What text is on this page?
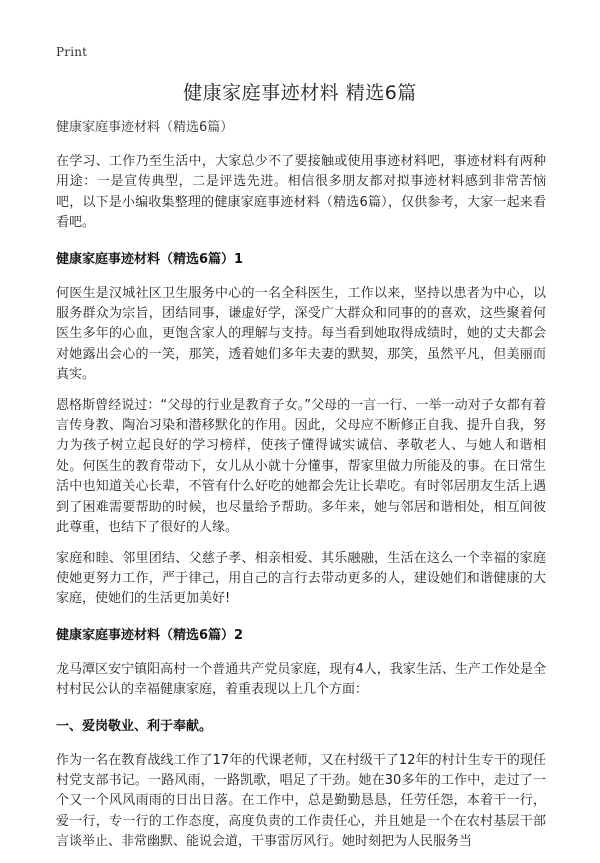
Print
健康家庭事迹材料 精选6篇

健康家庭事迹材料（精选6篇）

在学习、工作乃至生活中，大家总少不了要接触或使用事迹材料吧，事迹材料有两种用途：一是宣传典型，二是评选先进。相信很多朋友都对拟事迹材料感到非常苦恼吧，以下是小编收集整理的健康家庭事迹材料（精选6篇），仅供参考，大家一起来看看吧。

健康家庭事迹材料（精选6篇）1

何医生是汉城社区卫生服务中心的一名全科医生，工作以来，坚持以患者为中心，以服务群众为宗旨，团结同事，谦虚好学，深受广大群众和同事的的喜欢，这些聚着何医生多年的心血，更饱含家人的理解与支持。每当看到她取得成绩时，她的丈夫都会对她露出会心的一笑，那笑，透着她们多年夫妻的默契，那笑，虽然平凡，但美丽而真实。

恩格斯曾经说过：“父母的行业是教育子女。”父母的一言一行、一举一动对子女都有着言传身教、陶冶习染和潜移默化的作用。因此，父母应不断修正自我、提升自我，努力为孩子树立起良好的学习榜样，使孩子懂得诚实诚信、孝敬老人、与她人和谐相处。何医生的教育带动下，女儿从小就十分懂事，帮家里做力所能及的事。在日常生活中也知道关心长辈，不管有什么好吃的她都会先让长辈吃。有时邻居朋友生活上遇到了困难需要帮助的时候，也尽量给予帮助。多年来，她与邻居和谐相处，相互间彼此尊重，也结下了很好的人缘。

家庭和睦、邻里团结、父慈子孝、相亲相爱、其乐融融，生活在这么一个幸福的家庭使她更努力工作，严于律己，用自己的言行去带动更多的人，建设她们和谐健康的大家庭，使她们的生活更加美好!

健康家庭事迹材料（精选6篇）2

龙马潭区安宁镇阳高村一个普通共产党员家庭，现有4人，我家生活、生产工作处是全村村民公认的幸福健康家庭，着重表现以上几个方面：

一、爱岗敬业、利于奉献。

作为一名在教育战线工作了17年的代课老师，又在村级干了12年的村计生专干的现任村党支部书记。一路风雨，一路凯歌，唱足了干劲。她在30多年的工作中，走过了一个又一个风风雨雨的日出日落。在工作中，总是勤勤恳恳，任劳任怨，本着干一行，爱一行，专一行的工作态度，高度负责的工作责任心，并且她是一个在农村基层干部言谈举止、非常幽默、能说会道，干事雷厉风行。她时刻把为人民服务当
